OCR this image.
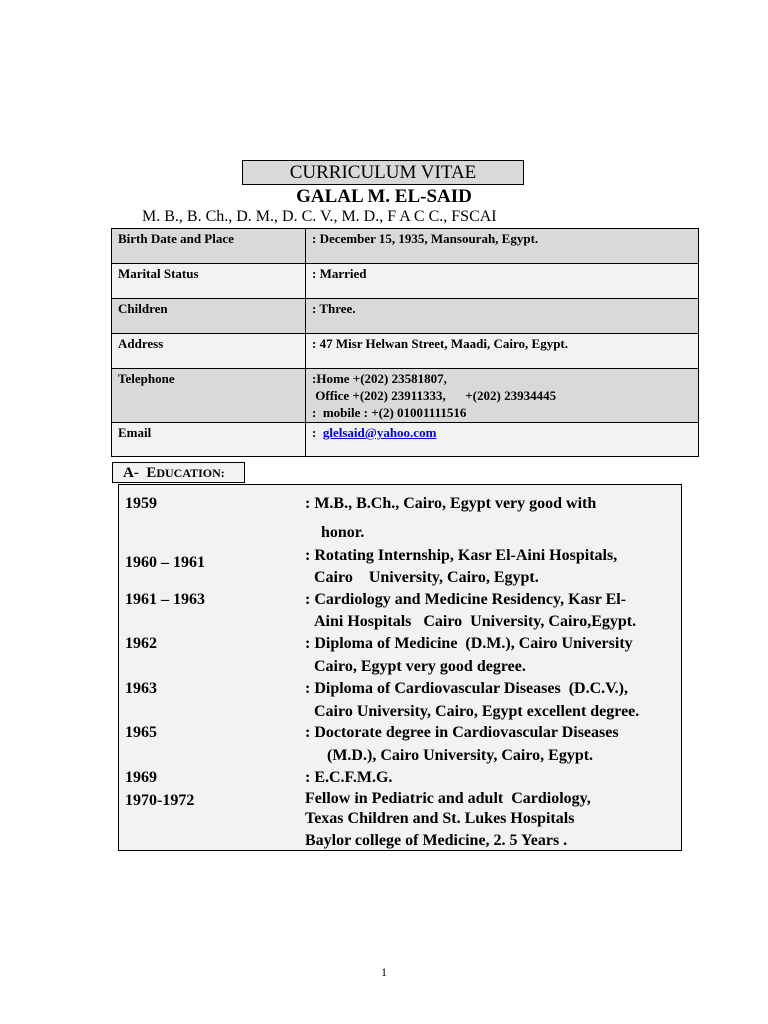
CURRICULUM VITAE
GALAL M. EL-SAID
M. B., B. Ch., D. M., D. C. V., M. D., F A C C., FSCAI
Birth Date and Place	: December 15, 1935, Mansourah, Egypt.
Marital Status	: Married
Children	: Three.
Address	: 47 Misr Helwan Street, Maadi, Cairo, Egypt.
Telephone	:Home +(202) 23581807,
Office +(202) 23911333,      +(202) 23934445
:  mobile : +(2) 01001111516

Email	: glelsaid@yahoo.com
A- EDUCATION:
1959	: M.B., B.Ch., Cairo, Egypt very good with
honor.
1960 – 1961	: Rotating Internship, Kasr El-Aini Hospitals,
Cairo    University, Cairo, Egypt.
1961 – 1963	: Cardiology and Medicine Residency, Kasr El-
Aini Hospitals   Cairo  University, Cairo,Egypt.
1962	: Diploma of Medicine  (D.M.), Cairo University
Cairo, Egypt very good degree.
1963	: Diploma of Cardiovascular Diseases  (D.C.V.),
Cairo University, Cairo, Egypt excellent degree.
1965	: Doctorate degree in Cardiovascular Diseases
(M.D.), Cairo University, Cairo, Egypt.
1969	: E.C.F.M.G.
1970-1972	Fellow in Pediatric and adult  Cardiology,
Texas Children and St. Lukes Hospitals
Baylor college of Medicine, 2. 5 Years .
1
